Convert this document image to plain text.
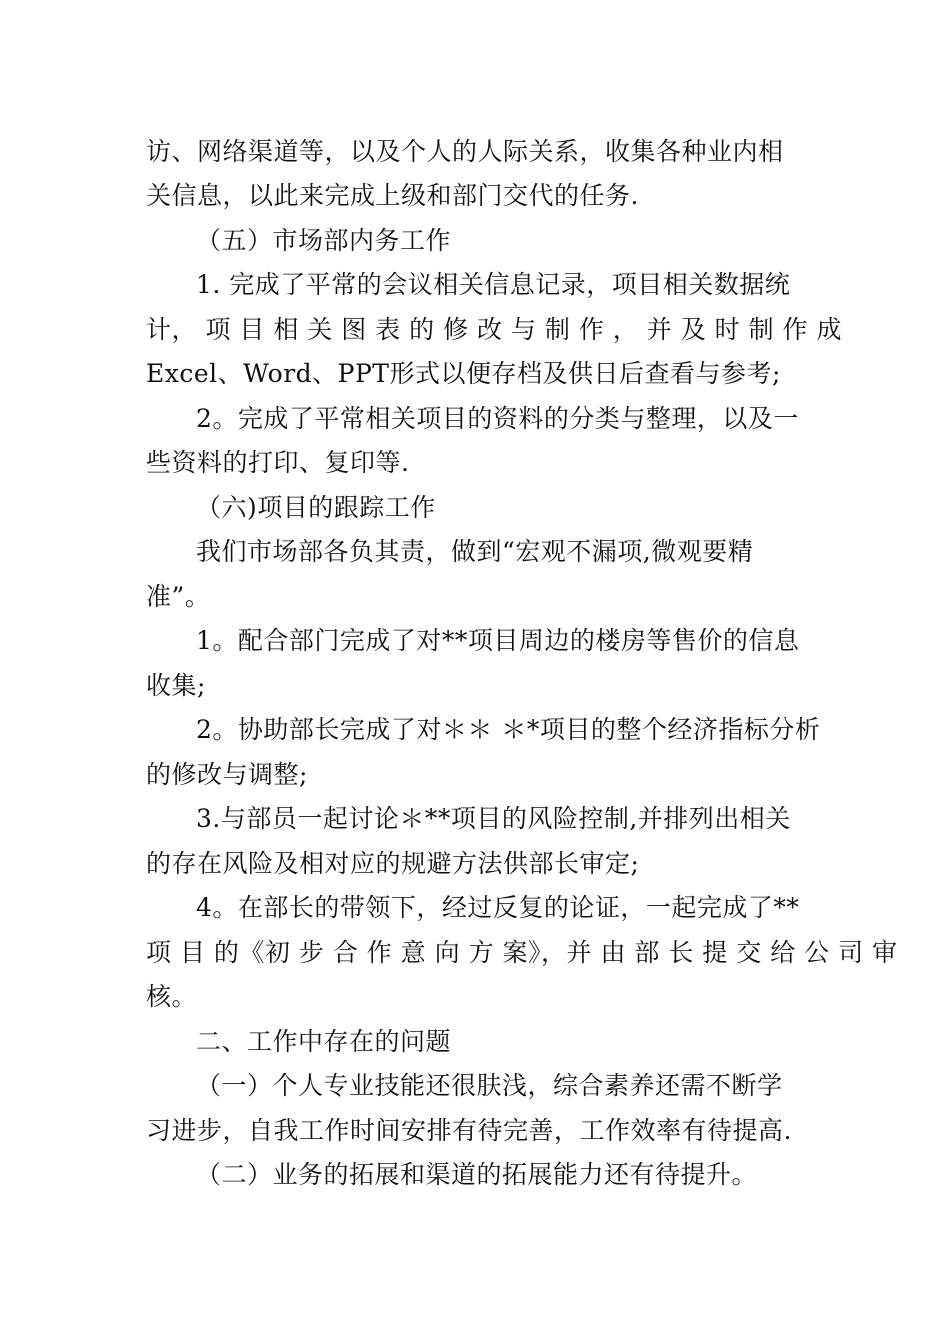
访、网络渠道等，以及个人的人际关系，收集各种业内相
关信息，以此来完成上级和部门交代的任务.
（五）市场部内务工作
1. 完成了平常的会议相关信息记录，项目相关数据统
计， 项 目 相 关 图 表 的 修 改 与 制 作 ， 并 及 时 制 作 成
Excel、Word、PPT形式以便存档及供日后查看与参考;
2。完成了平常相关项目的资料的分类与整理，以及一
些资料的打印、复印等.
（六)项目的跟踪工作
我们市场部各负其责，做到“宏观不漏项,微观要精
准”。
1。配合部门完成了对**项目周边的楼房等售价的信息
收集;
2。协助部长完成了对＊＊ ＊*项目的整个经济指标分析
的修改与调整;
3.与部员一起讨论＊**项目的风险控制,并排列出相关
的存在风险及相对应的规避方法供部长审定;
4。在部长的带领下，经过反复的论证，一起完成了**
项 目 的《初 步 合 作 意 向 方 案》，并 由 部 长 提 交 给 公 司 审
核。
二、工作中存在的问题
（一）个人专业技能还很肤浅，综合素养还需不断学
习进步，自我工作时间安排有待完善，工作效率有待提高.
（二）业务的拓展和渠道的拓展能力还有待提升。
